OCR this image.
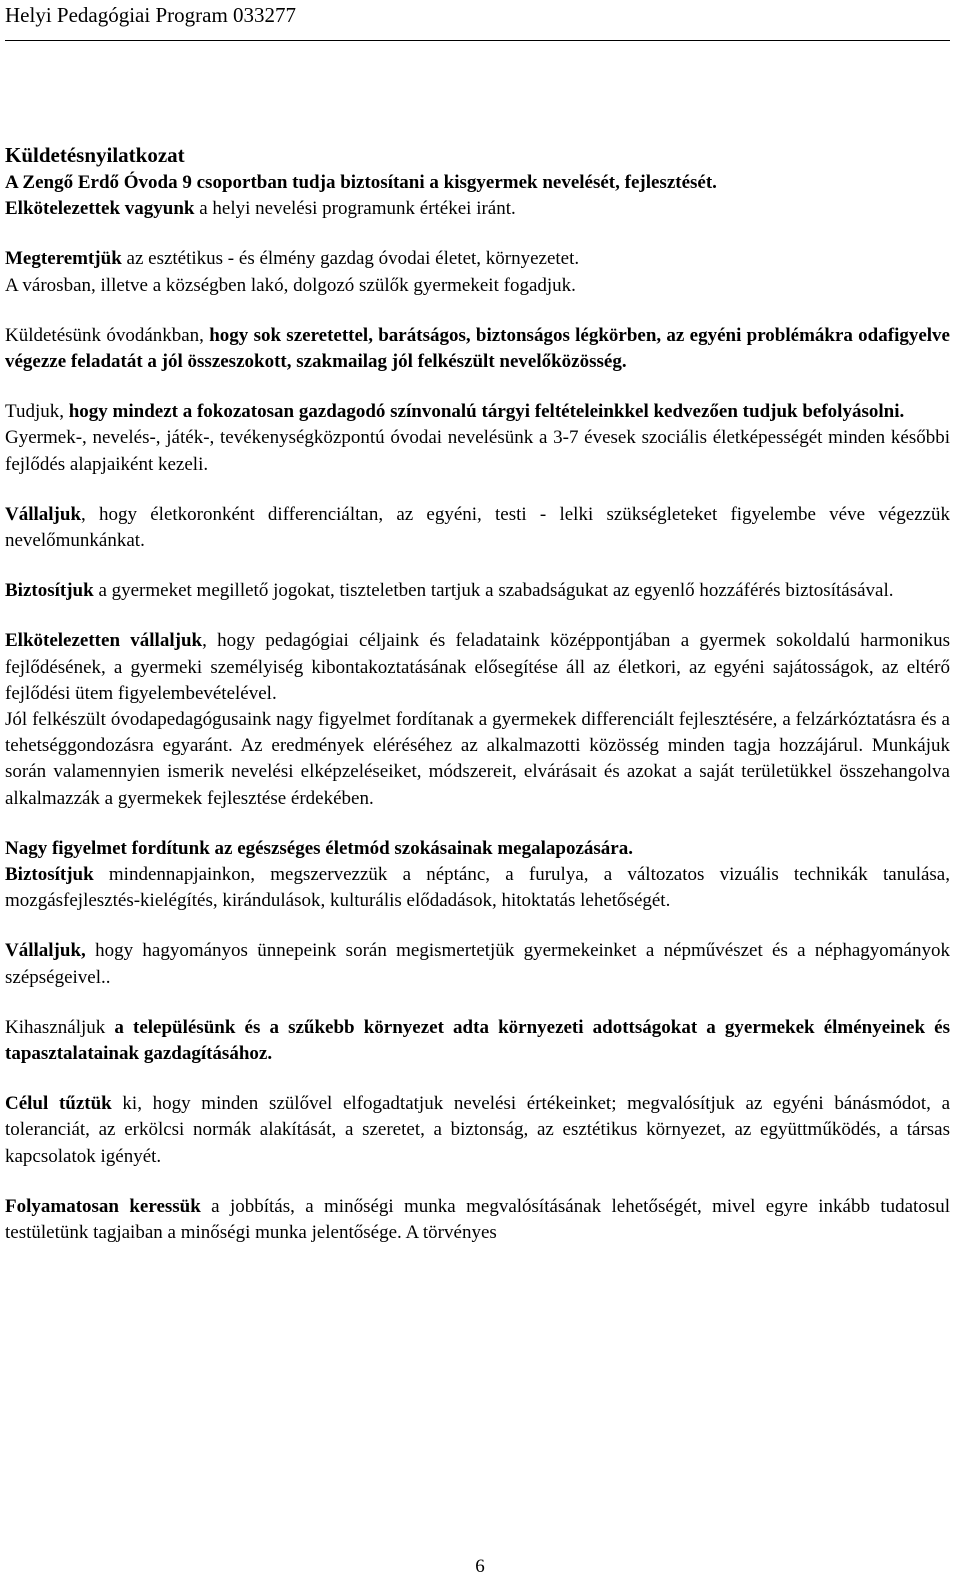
Helyi Pedagógiai Program 033277

Küldetésnyilatkozat

A Zengő Erdő Óvoda 9 csoportban tudja biztosítani a kisgyermek nevelését, fejlesztését.

Elkötelezettek vagyunk a helyi nevelési programunk értékei iránt.

Megteremtjük az esztétikus - és élmény gazdag óvodai életet, környezetet.

A városban, illetve a községben lakó, dolgozó szülők gyermekeit fogadjuk.

Küldetésünk óvodánkban, hogy sok szeretettel, barátságos, biztonságos légkörben, az egyéni problémákra odafigyelve végezze feladatát a jól összeszokott, szakmailag jól felkészült nevelőközösség.

Tudjuk, hogy mindezt a fokozatosan gazdagodó színvonalú tárgyi feltételeinkkel kedvezően tudjuk befolyásolni.

Gyermek-, nevelés-, játék-, tevékenységközpontú óvodai nevelésünk a 3-7 évesek szociális életképességét minden későbbi fejlődés alapjaiként kezeli.

Vállaljuk, hogy életkoronként differenciáltan, az egyéni, testi - lelki szükségleteket figyelembe véve végezzük nevelőmunkánkat.

Biztosítjuk a gyermeket megillető jogokat, tiszteletben tartjuk a szabadságukat az egyenlő hozzáférés biztosításával.

Elkötelezetten vállaljuk, hogy pedagógiai céljaink és feladataink középpontjában a gyermek sokoldalú harmonikus fejlődésének, a gyermeki személyiség kibontakoztatásának elősegítése áll az életkori, az egyéni sajátosságok, az eltérő fejlődési ütem figyelembevételével.

Jól felkészült óvodapedagógusaink nagy figyelmet fordítanak a gyermekek differenciált fejlesztésére, a felzárkóztatásra és a tehetséggondozásra egyaránt. Az eredmények eléréséhez az alkalmazotti közösség minden tagja hozzájárul. Munkájuk során valamennyien ismerik nevelési elképzeléseiket, módszereit, elvárásait és azokat a saját területükkel összehangolva alkalmazzák a gyermekek fejlesztése érdekében.

Nagy figyelmet fordítunk az egészséges életmód szokásainak megalapozására.

Biztosítjuk mindennapjainkon, megszervezzük a néptánc, a furulya, a változatos vizuális technikák tanulása, mozgásfejlesztés-kielégítés, kirándulások, kulturális elődadások, hitoktatás lehetőségét.

Vállaljuk, hogy hagyományos ünnepeink során megismertetjük gyermekeinket a népművészet és a néphagyományok szépségeivel..

Kihasználjuk a településünk és a szűkebb környezet adta környezeti adottságokat a gyermekek élményeinek és tapasztalatainak gazdagításához.

Célul tűztük ki, hogy minden szülővel elfogadtatjuk nevelési értékeinket; megvalósítjuk az egyéni bánásmódot, a toleranciát, az erkölcsi normák alakítását, a szeretet, a biztonság, az esztétikus környezet, az együttműködés, a társas kapcsolatok igényét.

Folyamatosan keressük a jobbítás, a minőségi munka megvalósításának lehetőségét, mivel egyre inkább tudatosul testületünk tagjaiban a minőségi munka jelentősége. A törvényes

6
